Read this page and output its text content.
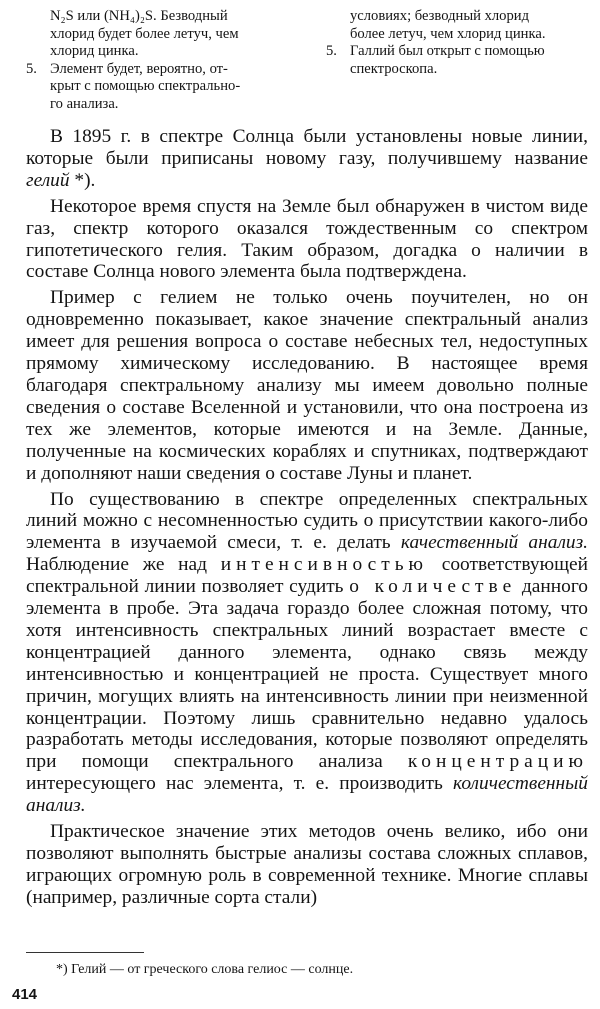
N₂S или (NH₄)₂S. Безводный
хлорид будет более летуч, чем
хлорид цинка.
5. Элемент будет, вероятно, от-
крыт с помощью спектрально-
го анализа.
условиях; безводный хлорид
более летуч, чем хлорид цинка.
5. Галлий был открыт с помощью
спектроскопа.

В 1895 г. в спектре Солнца были установлены новые линии, которые были приписаны новому газу, получившему название гелий *).

Некоторое время спустя на Земле был обнаружен в чистом виде газ, спектр которого оказался тождественным со спектром гипотетического гелия. Таким образом, догадка о наличии в составе Солнца нового элемента была подтверждена.

Пример с гелием не только очень поучителен, но он одновременно показывает, какое значение спектральный анализ имеет для решения вопроса о составе небесных тел, недоступных прямому химическому исследованию. В настоящее время благодаря спектральному анализу мы имеем довольно полные сведения о составе Вселенной и установили, что она построена из тех же элементов, которые имеются и на Земле. Данные, полученные на космических кораблях и спутниках, подтверждают и дополняют наши сведения о составе Луны и планет.

По существованию в спектре определенных спектральных линий можно с несомненностью судить о присутствии какого-либо элемента в изучаемой смеси, т. е. делать качественный анализ. Наблюдение же над интенсивностью соответствующей спектральной линии позволяет судить о количестве данного элемента в пробе. Эта задача гораздо более сложная потому, что хотя интенсивность спектральных линий возрастает вместе с концентрацией данного элемента, однако связь между интенсивностью и концентрацией не проста. Существует много причин, могущих влиять на интенсивность линии при неизменной концентрации. Поэтому лишь сравнительно недавно удалось разработать методы исследования, которые позволяют определять при помощи спектрального анализа концентрацию интересующего нас элемента, т. е. производить количественный анализ.

Практическое значение этих методов очень велико, ибо они позволяют выполнять быстрые анализы состава сложных сплавов, играющих огромную роль в современной технике. Многие сплавы (например, различные сорта стали)

*) Гелий — от греческого слова гелиос — солнце.
414
